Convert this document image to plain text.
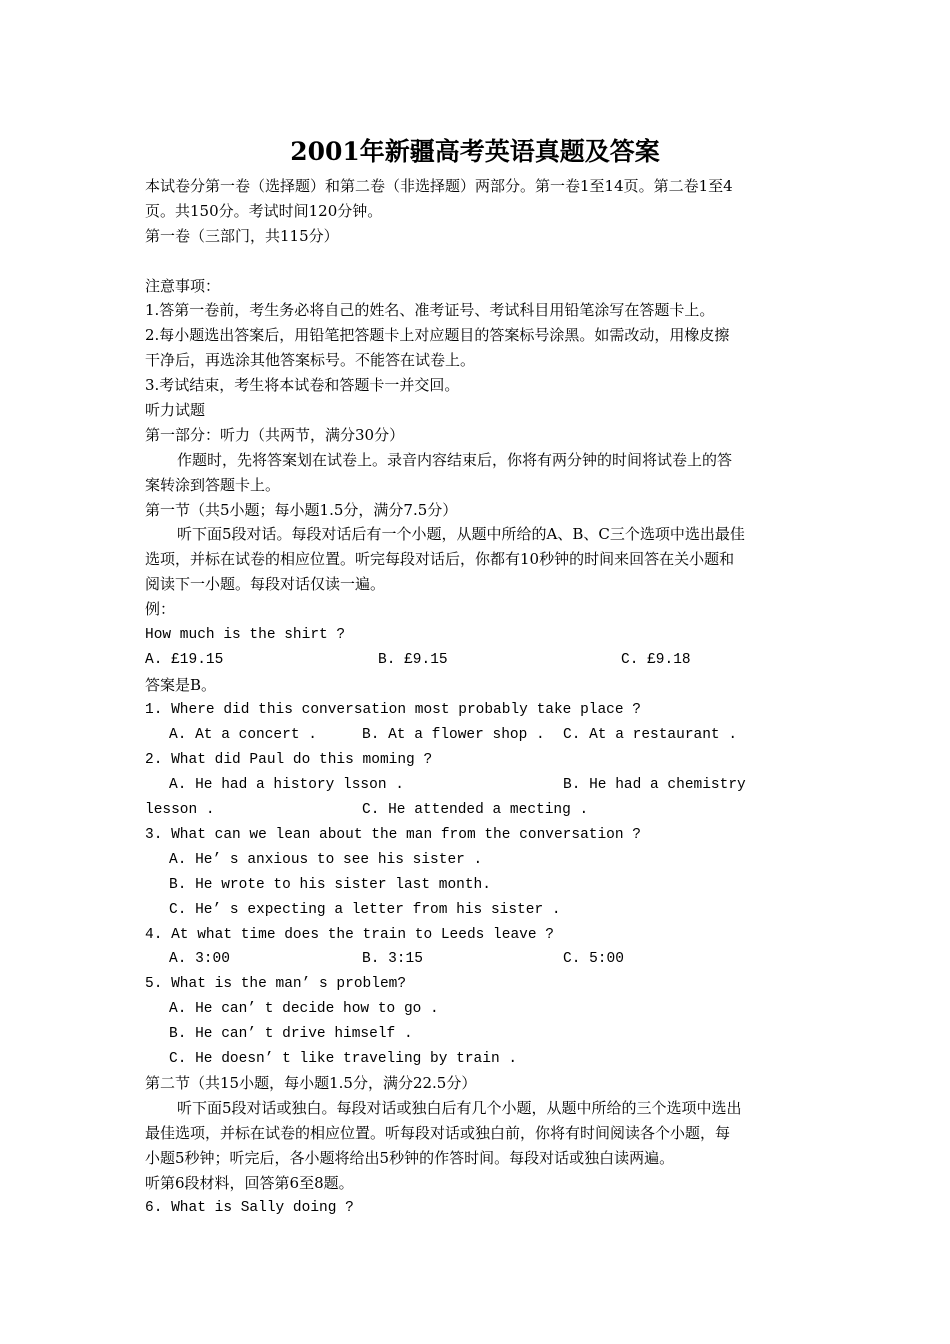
2001年新疆高考英语真题及答案
本试卷分第一卷（选择题）和第二卷（非选择题）两部分。第一卷1至14页。第二卷1至4
页。共150分。考试时间120分钟。
第一卷（三部门，共115分）
注意事项：
1.答第一卷前，考生务必将自己的姓名、准考证号、考试科目用铅笔涂写在答题卡上。
2.每小题选出答案后，用铅笔把答题卡上对应题目的答案标号涂黑。如需改动，用橡皮擦
干净后，再选涂其他答案标号。不能答在试卷上。
3.考试结束，考生将本试卷和答题卡一并交回。
听力试题
第一部分：听力（共两节，满分30分）
作题时，先将答案划在试卷上。录音内容结束后，你将有两分钟的时间将试卷上的答
案转涂到答题卡上。
第一节（共5小题；每小题1.5分，满分7.5分）
听下面5段对话。每段对话后有一个小题，从题中所给的A、B、C三个选项中选出最佳
选项，并标在试卷的相应位置。听完每段对话后，你都有10秒钟的时间来回答在关小题和
阅读下一小题。每段对话仅读一遍。
例：
How much is the shirt ?
A. £19.15	B. £9.15	C. £9.18
答案是B。
1. Where did this conversation most probably take place ?
A. At a concert .	B. At a flower shop . C. At a restaurant .
2. What did Paul do this moming ?
A. He had a history lsson .	B. He had a chemistry
lesson .	C. He attended a mecting .
3. What can we lean about the man from the conversation ?
A. He’ s anxious to see his sister .
B. He wrote to his sister last month.
C. He’ s expecting a letter from his sister .
4. At what time does the train to Leeds leave ?
A. 3:00	B. 3:15	C. 5:00
5. What is the man’ s problem?
A. He can’ t decide how to go .
B. He can’ t drive himself .
C. He doesn’ t like traveling by train .
第二节（共15小题，每小题1.5分，满分22.5分）
听下面5段对话或独白。每段对话或独白后有几个小题，从题中所给的三个选项中选出
最佳选项，并标在试卷的相应位置。听每段对话或独白前，你将有时间阅读各个小题，每
小题5秒钟；听完后，各小题将给出5秒钟的作答时间。每段对话或独白读两遍。
听第6段材料，回答第6至8题。
6. What is Sally doing ?
